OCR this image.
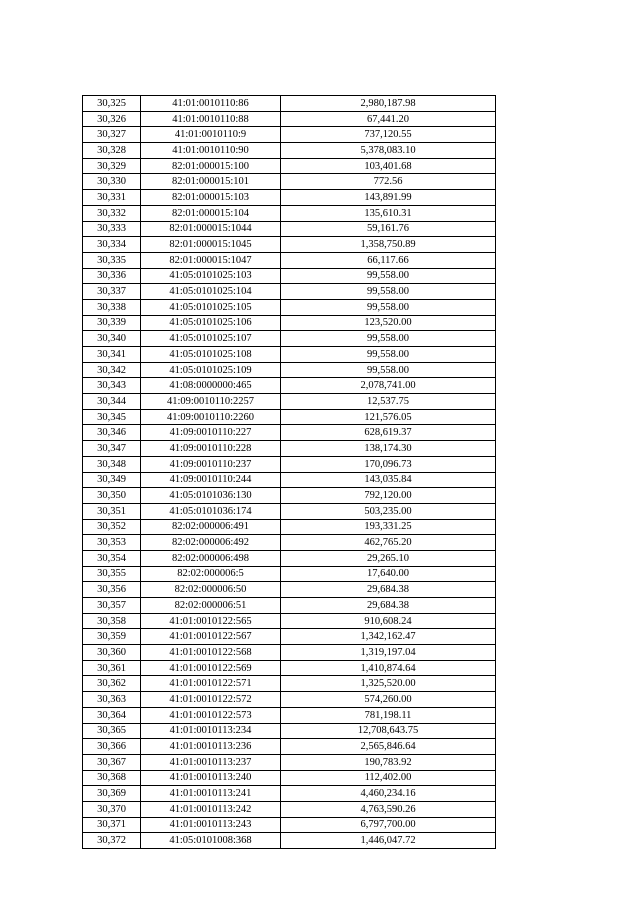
30,325	41:01:0010110:86	2,980,187.98
30,326	41:01:0010110:88	67,441.20
30,327	41:01:0010110:9	737,120.55
30,328	41:01:0010110:90	5,378,083.10
30,329	82:01:000015:100	103,401.68
30,330	82:01:000015:101	772.56
30,331	82:01:000015:103	143,891.99
30,332	82:01:000015:104	135,610.31
30,333	82:01:000015:1044	59,161.76
30,334	82:01:000015:1045	1,358,750.89
30,335	82:01:000015:1047	66,117.66
30,336	41:05:0101025:103	99,558.00
30,337	41:05:0101025:104	99,558.00
30,338	41:05:0101025:105	99,558.00
30,339	41:05:0101025:106	123,520.00
30,340	41:05:0101025:107	99,558.00
30,341	41:05:0101025:108	99,558.00
30,342	41:05:0101025:109	99,558.00
30,343	41:08:0000000:465	2,078,741.00
30,344	41:09:0010110:2257	12,537.75
30,345	41:09:0010110:2260	121,576.05
30,346	41:09:0010110:227	628,619.37
30,347	41:09:0010110:228	138,174.30
30,348	41:09:0010110:237	170,096.73
30,349	41:09:0010110:244	143,035.84
30,350	41:05:0101036:130	792,120.00
30,351	41:05:0101036:174	503,235.00
30,352	82:02:000006:491	193,331.25
30,353	82:02:000006:492	462,765.20
30,354	82:02:000006:498	29,265.10
30,355	82:02:000006:5	17,640.00
30,356	82:02:000006:50	29,684.38
30,357	82:02:000006:51	29,684.38
30,358	41:01:0010122:565	910,608.24
30,359	41:01:0010122:567	1,342,162.47
30,360	41:01:0010122:568	1,319,197.04
30,361	41:01:0010122:569	1,410,874.64
30,362	41:01:0010122:571	1,325,520.00
30,363	41:01:0010122:572	574,260.00
30,364	41:01:0010122:573	781,198.11
30,365	41:01:0010113:234	12,708,643.75
30,366	41:01:0010113:236	2,565,846.64
30,367	41:01:0010113:237	190,783.92
30,368	41:01:0010113:240	112,402.00
30,369	41:01:0010113:241	4,460,234.16
30,370	41:01:0010113:242	4,763,590.26
30,371	41:01:0010113:243	6,797,700.00
30,372	41:05:0101008:368	1,446,047.72
